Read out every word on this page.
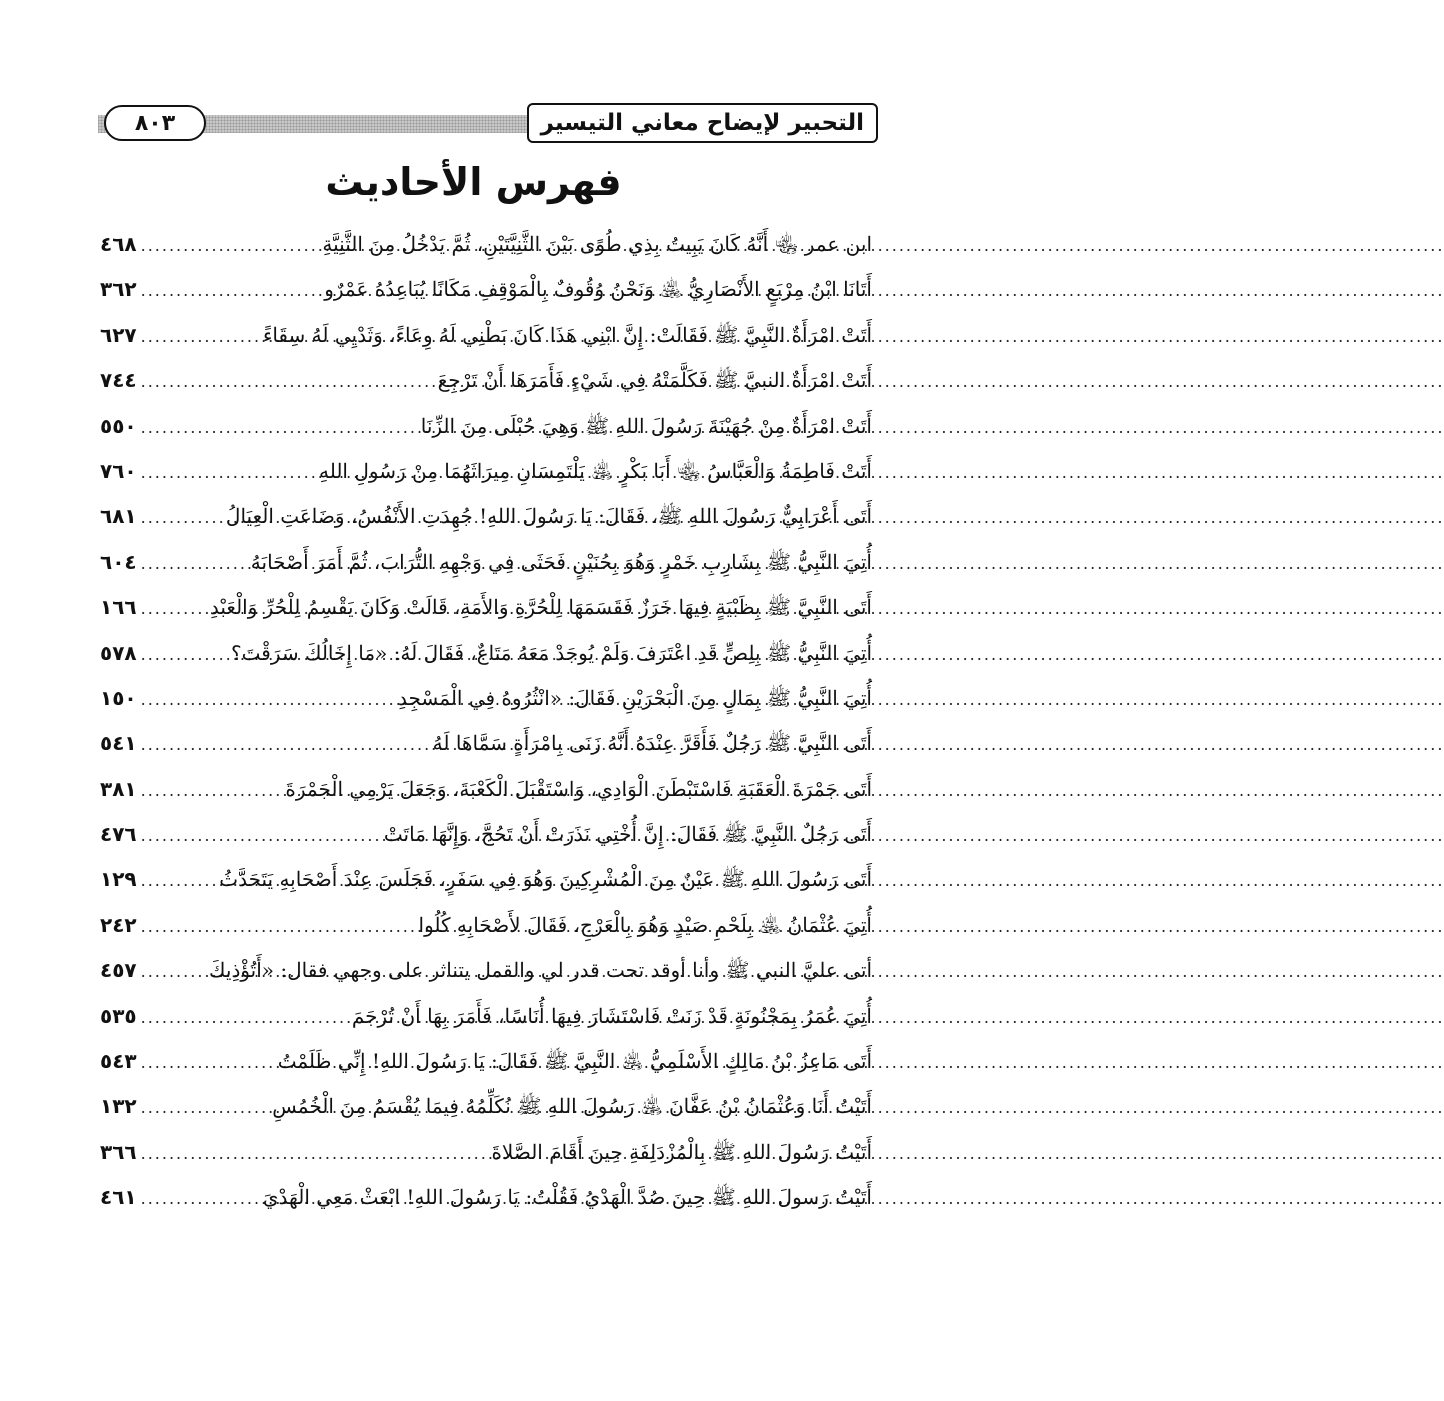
التحبير لإيضاح معاني التيسير
٨٠٣
فهرس الأحاديث
٤٦٨ .....	ابن عمر ﵄ أَنَّهُ كَانَ يَبِيتُ بِذِي طُوًى بَيْنَ الثَّنِيَّتَيْنِ، ثُمَّ يَدْخُلُ مِنَ الثَّنِيَّةِ
٣٦٢ .....	أَتَانَا ابْنُ مِرْبَعٍ الأَنْصَارِيُّ ﵁ وَنَحْنُ وُقُوفٌ بِالْمَوْقِفِ مَكَانًا يُبَاعِدُهُ عَمْرٌو
٦٢٧ .....	أَتَتْ امْرَأَةٌ النَّبِيَّ ﷺ فَقَالَتْ: إِنَّ ابْنِي هَذَا كَانَ بَطْنِي لَهُ وِعَاءً، وَثَدْيِي لَهُ سِقَاءً
٧٤٤ .....	أَتَتْ امْرَأَةٌ النبيَّ ﷺ فَكَلَّمَتْهُ فِي شَيْءٍ فَأَمَرَهَا أَنْ تَرْجِعَ
٥٥٠ .....	أَتَتْ امْرَأَةٌ مِنْ جُهَيْنَةَ رَسُولَ اللهِ ﷺ وَهِيَ حُبْلَى مِنَ الزِّنَا
٧٦٠ .....	أَتَتْ فَاطِمَةُ وَالْعَبَّاسُ ﵄ أَبَا بَكْرٍ ﵁ يَلْتَمِسَانِ مِيرَاثَهُمَا مِنْ رَسُولِ اللهِ
٦٨١ .....	أَتَى أَعْرَابِيٌّ رَسُولَ اللهِ ﷺ، فَقَالَ: يَا رَسُولَ اللهِ! جُهِدَتِ الأَنْفُسُ، وَضَاعَتِ الْعِيَالُ
٦٠٤ .....	أُتِيَ النَّبِيُّ ﷺ بِشَارِبِ خَمْرٍ وَهُوَ بِحُنَيْنٍ فَحَثَى فِي وَجْهِهِ التُّرَابَ، ثُمَّ أَمَرَ أَصْحَابَهُ
١٦٦ .....	أَتَى النَّبِيَّ ﷺ بِظَبْيَةٍ فِيهَا خَرَزٌ فَقَسَمَهَا لِلْحُرَّةِ وَالأَمَةِ، قَالَتْ وَكَانَ يَقْسِمُ لِلْحُرِّ وَالْعَبْدِ
٥٧٨ .....	أُتِيَ النَّبِيُّ ﷺ بِلِصٍّ قَدِ اعْتَرَفَ وَلَمْ يُوجَدْ مَعَهُ مَتَاعٌ، فَقَالَ لَهُ: «مَا إِخَالُكَ سَرَقْتَ؟
١٥٠ .....	أُتِيَ النَّبِيُّ ﷺ بِمَالٍ مِنَ الْبَحْرَيْنِ فَقَالَ: «انْثُرُوهُ فِي الْمَسْجِدِ
٥٤١ .....	أَتَى النَّبِيَّ ﷺ رَجُلٌ فَأَقَرَّ عِنْدَهُ أَنَّهُ زَنَى بِامْرَأَةٍ سَمَّاهَا لَهُ
٣٨١ .....	أَتَى جَمْرَةَ الْعَقَبَةِ فَاسْتَبْطَنَ الْوَادِي، وَاسْتَقْبَلَ الْكَعْبَةَ، وَجَعَلَ يَرْمِي الْجَمْرَةَ
٤٧٦ .....	أَتَى رَجُلٌ النَّبِيَّ ﷺ فَقَالَ: إِنَّ أُخْتِي نَذَرَتْ أَنْ تَحُجَّ، وَإِنَّهَا مَاتَتْ
١٢٩ .....	أَتَى رَسُولَ اللهِ ﷺ عَيْنٌ مِنَ الْمُشْرِكِينَ وَهُوَ فِي سَفَرٍ، فَجَلَسَ عِنْدَ أَصْحَابِهِ يَتَحَدَّثُ
٢٤٢ .....	أُتِيَ عُثْمَانُ ﵁ بِلَحْمِ صَيْدٍ وَهُوَ بِالْعَرْجِ، فَقَالَ لأَصْحَابِهِ كُلُوا
٤٥٧ .....	أتى عليَّ النبي ﷺ وأنا أوقد تحت قدر لي والقمل يتناثر على وجهي فقال: «أَتُؤْذِيكَ
٥٣٥ .....	أُتِيَ عُمَرُ بِمَجْنُونَةٍ قَدْ زَنَتْ فَاسْتَشَارَ فِيهَا أُنَاسًا، فَأَمَرَ بِهَا أَنْ تُرْجَمَ
٥٤٣ .....	أَتَى مَاعِزُ بْنُ مَالِكٍ الأَسْلَمِيُّ ﵁ النَّبِيَّ ﷺ فَقَالَ: يَا رَسُولَ اللهِ! إِنِّي ظَلَمْتُ
١٣٢ .....	أَتَيْتُ أَنَا وَعُثْمَانُ بْنُ عَفَّانَ ﵁ رَسُولَ اللهِ ﷺ نُكَلِّمُهُ فِيمَا يُقْسَمُ مِنَ الْخُمُسِ
٣٦٦ .....	أَتَيْتُ رَسُولَ اللهِ ﷺ بِالْمُزْدَلِفَةِ حِينَ أَقَامَ الصَّلاةَ
٤٦١ .....	أَتَيْتُ رَسولَ اللهِ ﷺ حِينَ صُدَّ الْهَدْيُ فَقُلْتُ: يَا رَسُولَ اللهِ! ابْعَثْ مَعِي الْهَدْيَ
